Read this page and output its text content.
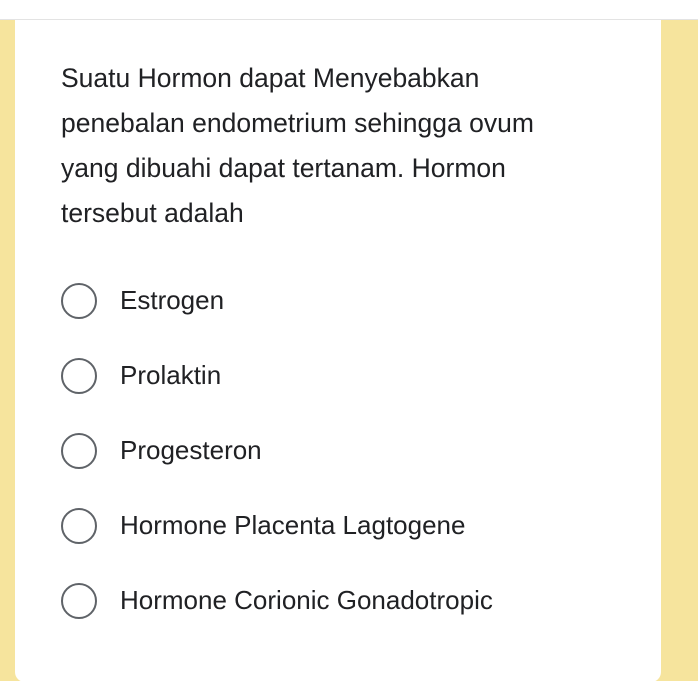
Suatu Hormon dapat Menyebabkan
penebalan endometrium sehingga ovum
yang dibuahi dapat tertanam. Hormon
tersebut adalah

Estrogen
Prolaktin
Progesteron
Hormone Placenta Lagtogene
Hormone Corionic Gonadotropic
